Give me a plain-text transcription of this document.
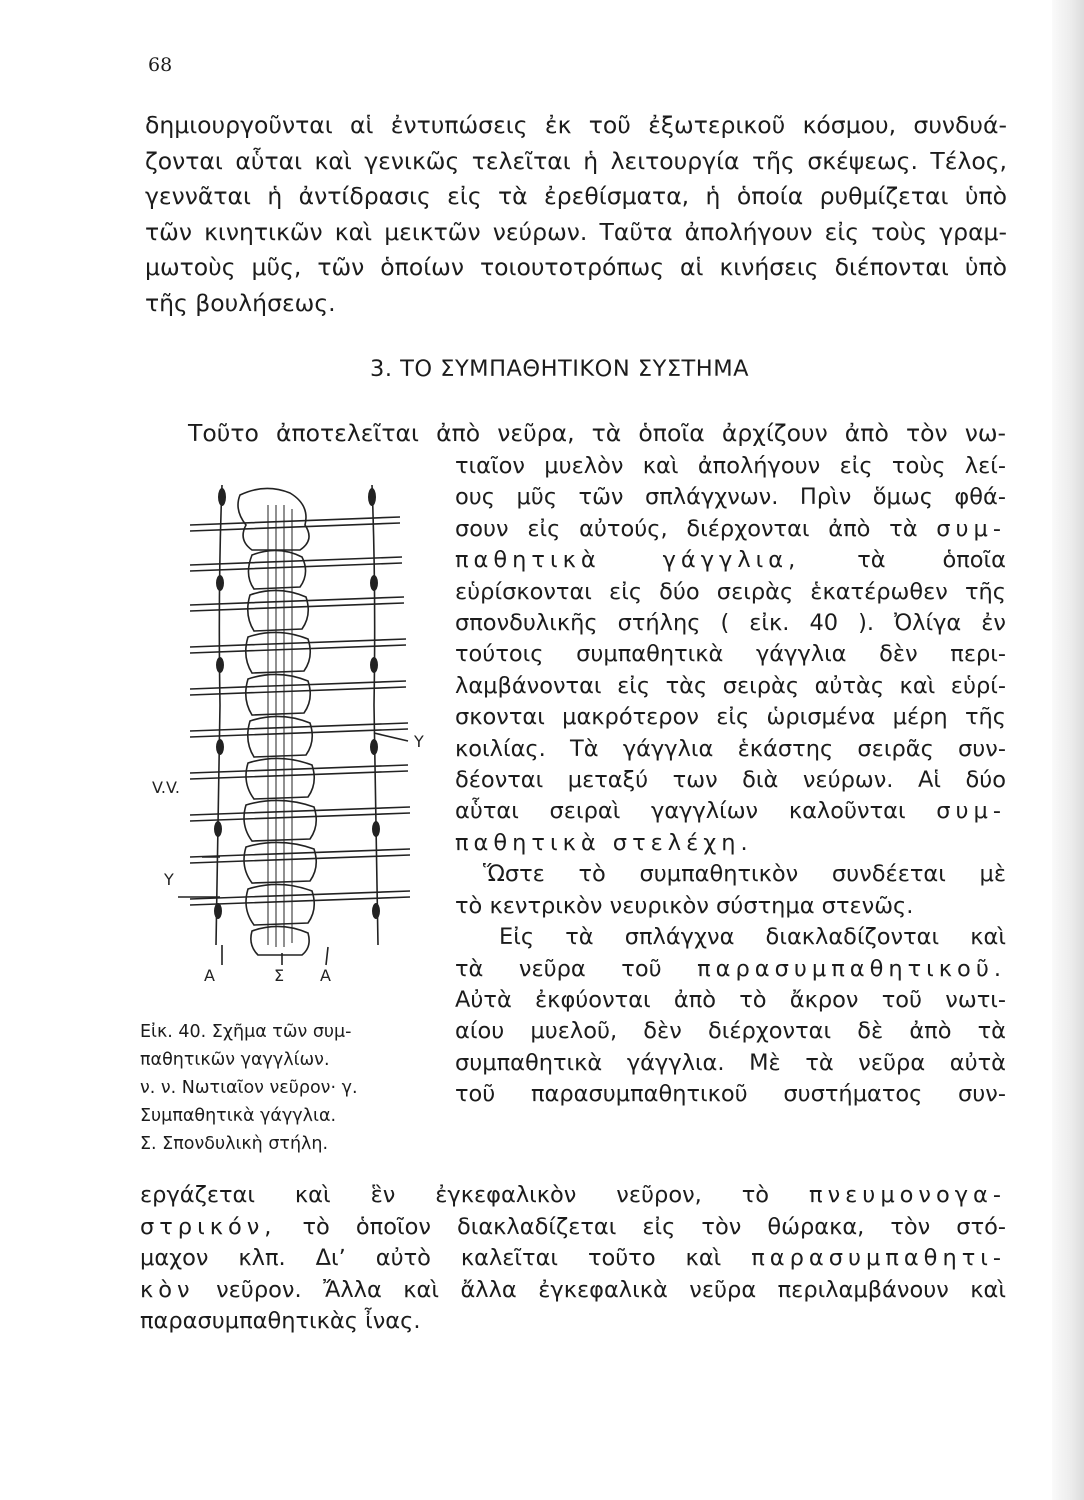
68
δημιουργοῦνται αἱ ἐντυπώσεις ἐκ τοῦ ἐξωτερικοῦ κόσμου, συνδυά-
ζονται αὗται καὶ γενικῶς τελεῖται ἡ λειτουργία τῆς σκέψεως. Τέλος,
γεννᾶται ἡ ἀντίδρασις εἰς τὰ ἐρεθίσματα, ἡ ὁποία ρυθμίζεται ὑπὸ
τῶν κινητικῶν καὶ μεικτῶν νεύρων. Ταῦτα ἀπολήγουν εἰς τοὺς γραμ-
μωτοὺς μῦς, τῶν ὁποίων τοιουτοτρόπως αἱ κινήσεις διέπονται ὑπὸ
τῆς βουλήσεως.
3. ΤΟ ΣΥΜΠΑΘΗΤΙΚΟΝ ΣΥΣΤΗΜΑ
Τοῦτο ἀποτελεῖται ἀπὸ νεῦρα, τὰ ὁποῖα ἀρχίζουν ἀπὸ τὸν νω-
τιαῖον μυελὸν καὶ ἀπολήγουν εἰς τοὺς λεί-
ους μῦς τῶν σπλάγχνων. Πρὶν ὅμως φθά-
σουν εἰς αὐτούς, διέρχονται ἀπὸ τὰ συμ-
παθητικὰ γάγγλια,	τὰ ὁποῖα
εὑρίσκονται εἰς δύο σειρὰς ἑκατέρωθεν τῆς
σπονδυλικῆς στήλης ( εἰκ. 40 ). Ὀλίγα ἐν
τούτοις συμπαθητικὰ γάγγλια δὲν περι-
λαμβάνονται εἰς τὰς σειρὰς αὐτὰς καὶ εὑρί-
σκονται μακρότερον εἰς ὡρισμένα μέρη τῆς
κοιλίας. Τὰ γάγγλια ἑκάστης σειρᾶς συν-
δέονται μεταξύ των διὰ νεύρων. Αἱ δύο
αὗται σειραὶ γαγγλίων καλοῦνται συμ-
παθητικὰ στελέχη.
Ὥστε τὸ συμπαθητικὸν συνδέεται μὲ
τὸ κεντρικὸν νευρικὸν σύστημα στενῶς.
Εἰς τὰ σπλάγχνα διακλαδίζονται καὶ
τὰ νεῦρα τοῦ παρασυμπαθητικοῦ.
Αὐτὰ ἐκφύονται ἀπὸ τὸ ἄκρον τοῦ νωτι-
αίου μυελοῦ, δὲν διέρχονται δὲ ἀπὸ τὰ
συμπαθητικὰ γάγγλια. Μὲ τὰ νεῦρα αὐτὰ
τοῦ παρασυμπαθητικοῦ συστήματος συν-
V.V.
Y
Y
A	Σ A
Εἰκ. 40. Σχῆμα τῶν συμ-
παθητικῶν γαγγλίων.
ν. ν. Νωτιαῖον νεῦρον· γ.
Συμπαθητικὰ γάγγλια.
Σ. Σπονδυλικὴ στήλη.
εργάζεται καὶ ἓν ἐγκεφαλικὸν νεῦρον, τὸ πνευμονογα-
στρικόν, τὸ ὁποῖον διακλαδίζεται εἰς τὸν θώρακα, τὸν στό-
μαχον κλπ. Διʼ αὐτὸ καλεῖται τοῦτο καὶ παρασυμπαθητι-
κὸν νεῦρον. Ἄλλα καὶ ἄλλα ἐγκεφαλικὰ νεῦρα περιλαμβάνουν καὶ
παρασυμπαθητικὰς ἶνας.
